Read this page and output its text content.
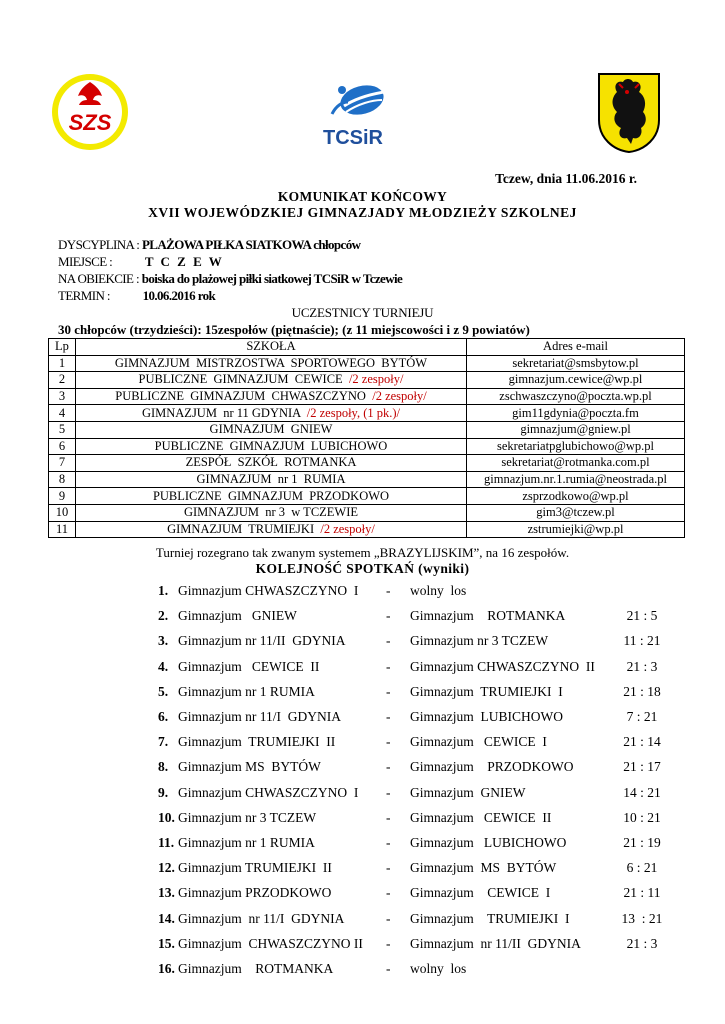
SZS
TCSiR
Tczew, dnia 11.06.2016 r.
KOMUNIKAT KOŃCOWY
XVII WOJEWÓDZKIEJ GIMNAZJADY MŁODZIEŻY SZKOLNEJ
DYSCYPLINA : PLAŻOWA PIŁKA SIATKOWA chłopców
MIEJSCE :	T C Z E W
NA OBIEKCIE : boiska do plażowej piłki siatkowej TCSiR w Tczewie
TERMIN :	10.06.2016 rok
UCZESTNICY TURNIEJU
30 chłopców (trzydzieści): 15zespołów (piętnaście); (z 11 miejscowości i z 9 powiatów)
Lp	SZKOŁA	Adres e-mail
1	GIMNAZJUM  MISTRZOSTWA  SPORTOWEGO  BYTÓW	sekretariat@smsbytow.pl
2	PUBLICZNE  GIMNAZJUM  CEWICE  /2 zespoły/	gimnazjum.cewice@wp.pl
3	PUBLICZNE  GIMNAZJUM  CHWASZCZYNO  /2 zespoły/	zschwaszczyno@poczta.wp.pl
4	GIMNAZJUM  nr 11 GDYNIA  /2 zespoły, (1 pk.)/	gim11gdynia@poczta.fm
5	GIMNAZJUM  GNIEW	gimnazjum@gniew.pl
6	PUBLICZNE  GIMNAZJUM  LUBICHOWO	sekretariatpglubichowo@wp.pl
7	ZESPÓŁ  SZKÓŁ  ROTMANKA	sekretariat@rotmanka.com.pl
8	GIMNAZJUM  nr 1  RUMIA	gimnazjum.nr.1.rumia@neostrada.pl
9	PUBLICZNE  GIMNAZJUM  PRZODKOWO	zsprzodkowo@wp.pl
10	GIMNAZJUM  nr 3  w TCZEWIE	gim3@tczew.pl
11	GIMNAZJUM  TRUMIEJKI  /2 zespoły/	zstrumiejki@wp.pl
Turniej rozegrano tak zwanym systemem „BRAZYLIJSKIM”, na 16 zespołów.
KOLEJNOŚĆ SPOTKAŃ (wyniki)
1. Gimnazjum CHWASZCZYNO  I - wolny  los
2. Gimnazjum   GNIEW	- Gimnazjum    ROTMANKA	21 : 5
3. Gimnazjum nr 11/II  GDYNIA	- Gimnazjum nr 3 TCZEW	11 : 21
4. Gimnazjum   CEWICE  II	- Gimnazjum CHWASZCZYNO  II	21 : 3
5. Gimnazjum nr 1 RUMIA	- Gimnazjum  TRUMIEJKI  I	21 : 18
6. Gimnazjum nr 11/I  GDYNIA	- Gimnazjum  LUBICHOWO	7 : 21
7. Gimnazjum  TRUMIEJKI  II	- Gimnazjum   CEWICE  I	21 : 14
8. Gimnazjum MS  BYTÓW	- Gimnazjum    PRZODKOWO	21 : 17
9. Gimnazjum CHWASZCZYNO  I - Gimnazjum  GNIEW	14 : 21
10. Gimnazjum nr 3 TCZEW	- Gimnazjum   CEWICE  II	10 : 21
11. Gimnazjum nr 1 RUMIA	- Gimnazjum   LUBICHOWO	21 : 19
12. Gimnazjum TRUMIEJKI  II	- Gimnazjum  MS  BYTÓW	6 : 21
13. Gimnazjum PRZODKOWO	- Gimnazjum    CEWICE  I	21 : 11
14. Gimnazjum  nr 11/I  GDYNIA	- Gimnazjum    TRUMIEJKI  I	13  : 21
15. Gimnazjum  CHWASZCZYNO II - Gimnazjum  nr 11/II  GDYNIA	21 : 3
16. Gimnazjum    ROTMANKA	- wolny  los
